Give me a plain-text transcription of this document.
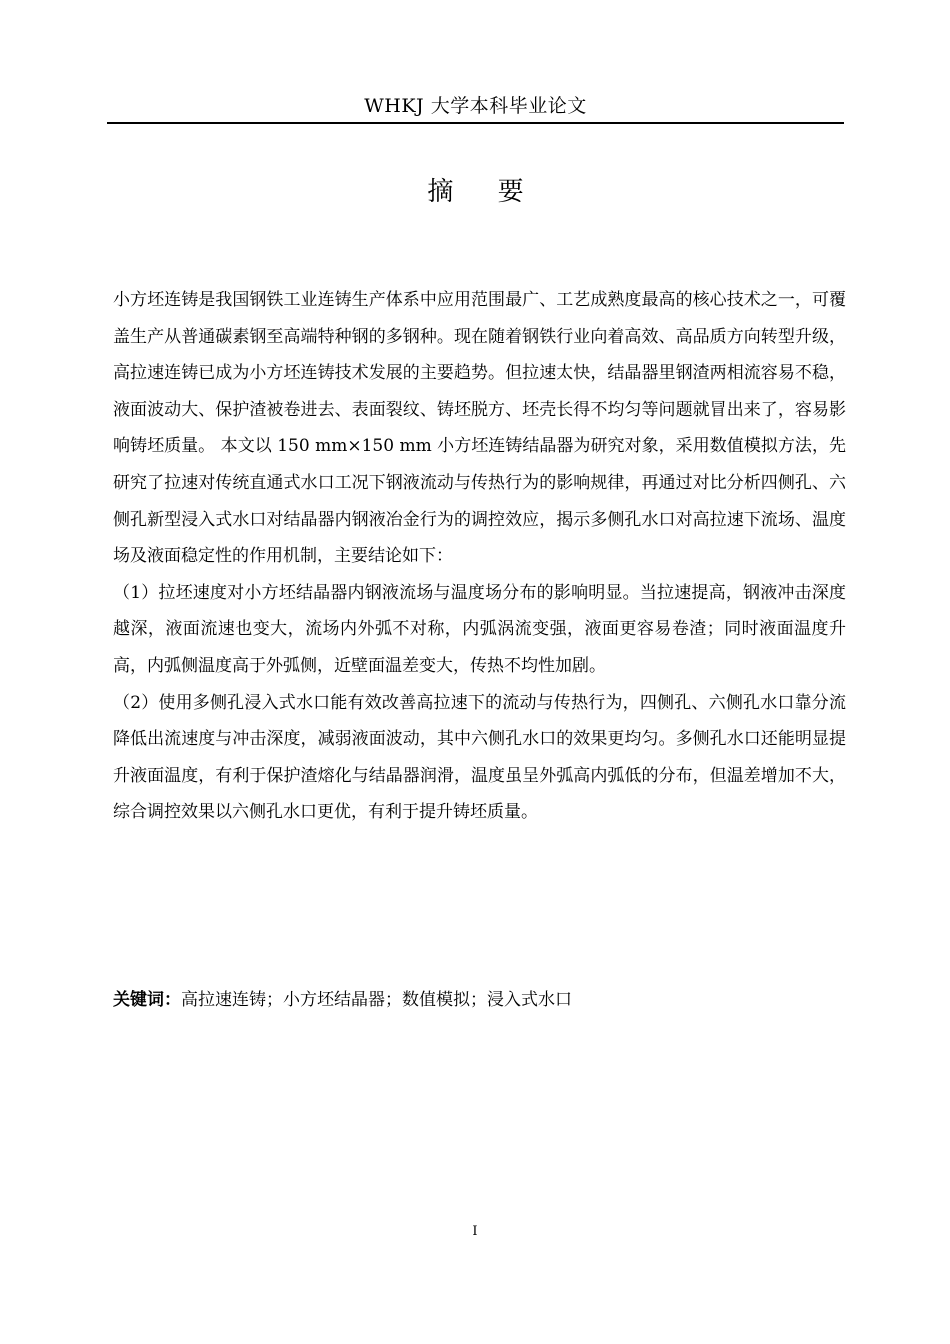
WHKJ 大学本科毕业论文
摘 要

小方坯连铸是我国钢铁工业连铸生产体系中应用范围最广、工艺成熟度最高的核心技术之一，可覆盖生产从普通碳素钢至高端特种钢的多钢种。现在随着钢铁行业向着高效、高品质方向转型升级，高拉速连铸已成为小方坯连铸技术发展的主要趋势。但拉速太快，结晶器里钢渣两相流容易不稳，液面波动大、保护渣被卷进去、表面裂纹、铸坯脱方、坯壳长得不均匀等问题就冒出来了，容易影响铸坯质量。 本文以 150 mm×150 mm 小方坯连铸结晶器为研究对象，采用数值模拟方法，先研究了拉速对传统直通式水口工况下钢液流动与传热行为的影响规律，再通过对比分析四侧孔、六侧孔新型浸入式水口对结晶器内钢液冶金行为的调控效应，揭示多侧孔水口对高拉速下流场、温度场及液面稳定性的作用机制，主要结论如下：

（1）拉坯速度对小方坯结晶器内钢液流场与温度场分布的影响明显。当拉速提高，钢液冲击深度越深，液面流速也变大，流场内外弧不对称，内弧涡流变强，液面更容易卷渣；同时液面温度升高，内弧侧温度高于外弧侧，近壁面温差变大，传热不均性加剧。

（2）使用多侧孔浸入式水口能有效改善高拉速下的流动与传热行为，四侧孔、六侧孔水口靠分流降低出流速度与冲击深度，减弱液面波动，其中六侧孔水口的效果更均匀。多侧孔水口还能明显提升液面温度，有利于保护渣熔化与结晶器润滑，温度虽呈外弧高内弧低的分布，但温差增加不大，综合调控效果以六侧孔水口更优，有利于提升铸坯质量。

关键词：高拉速连铸；小方坯结晶器；数值模拟；浸入式水口
I
